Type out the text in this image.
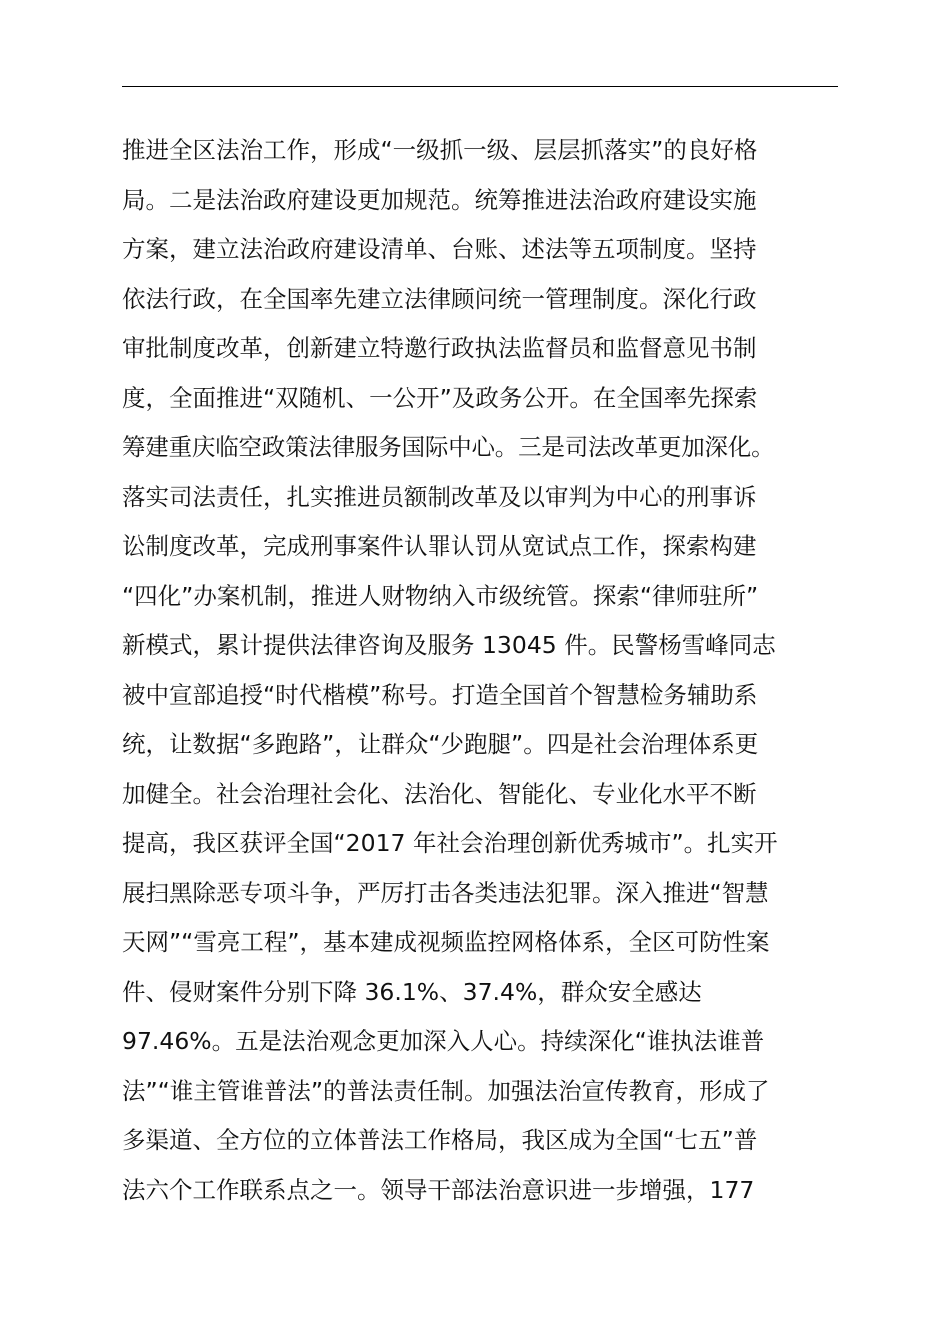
推进全区法治工作，形成“一级抓一级、层层抓落实”的良好格
局。二是法治政府建设更加规范。统筹推进法治政府建设实施
方案，建立法治政府建设清单、台账、述法等五项制度。坚持
依法行政，在全国率先建立法律顾问统一管理制度。深化行政
审批制度改革，创新建立特邀行政执法监督员和监督意见书制
度，全面推进“双随机、一公开”及政务公开。在全国率先探索
筹建重庆临空政策法律服务国际中心。三是司法改革更加深化。
落实司法责任，扎实推进员额制改革及以审判为中心的刑事诉
讼制度改革，完成刑事案件认罪认罚从宽试点工作，探索构建
“四化”办案机制，推进人财物纳入市级统管。探索“律师驻所”
新模式，累计提供法律咨询及服务 13045 件。民警杨雪峰同志
被中宣部追授“时代楷模”称号。打造全国首个智慧检务辅助系
统，让数据“多跑路”，让群众“少跑腿”。四是社会治理体系更
加健全。社会治理社会化、法治化、智能化、专业化水平不断
提高，我区获评全国“2017 年社会治理创新优秀城市”。扎实开
展扫黑除恶专项斗争，严厉打击各类违法犯罪。深入推进“智慧
天网”“雪亮工程”，基本建成视频监控网格体系，全区可防性案
件、侵财案件分别下降 36.1%、37.4%，群众安全感达
97.46%。五是法治观念更加深入人心。持续深化“谁执法谁普
法”“谁主管谁普法”的普法责任制。加强法治宣传教育，形成了
多渠道、全方位的立体普法工作格局，我区成为全国“七五”普
法六个工作联系点之一。领导干部法治意识进一步增强，177
